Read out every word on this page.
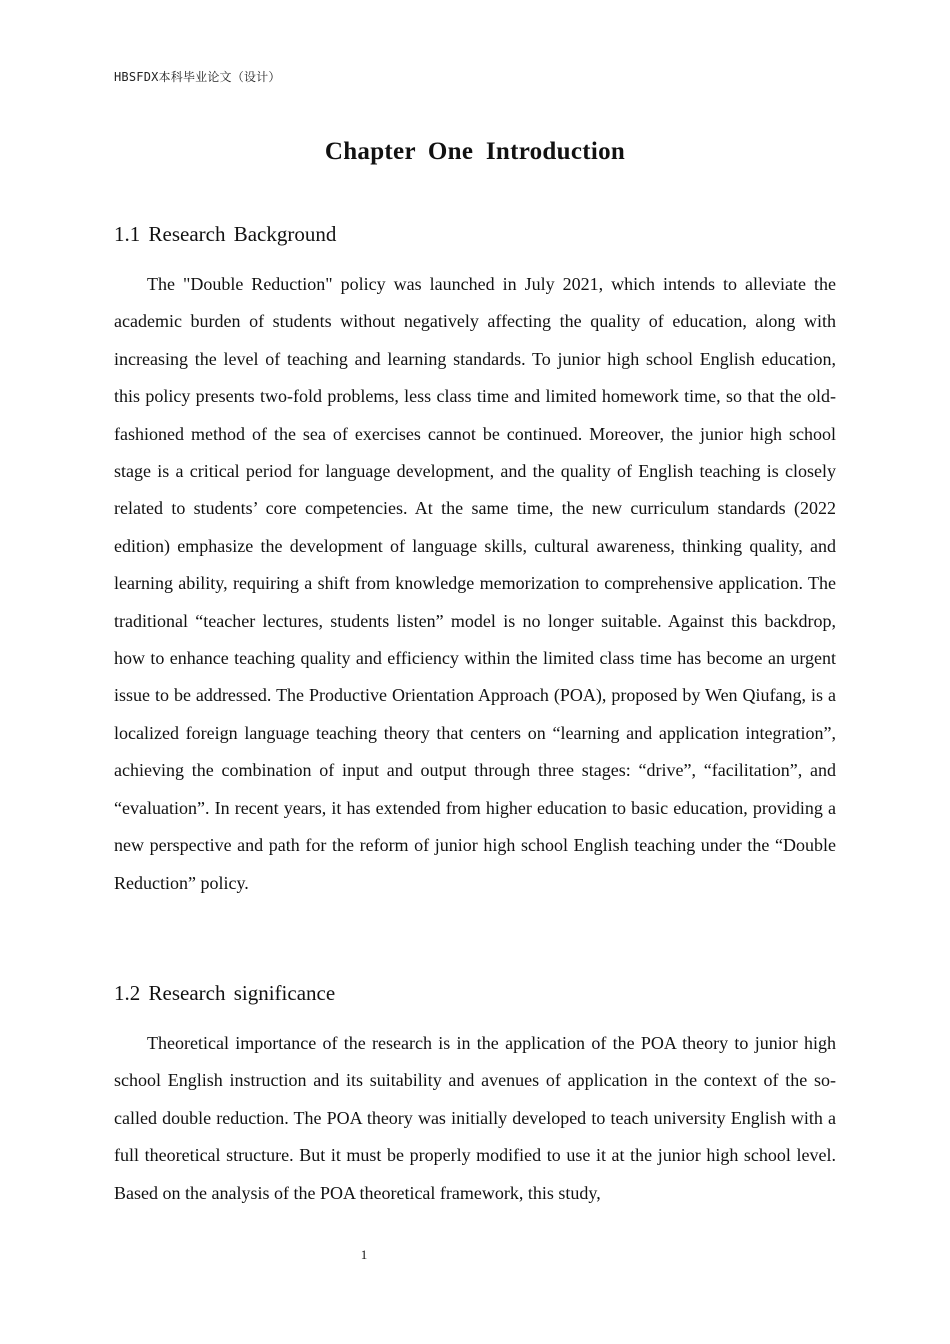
HBSFDX本科毕业论文（设计）
Chapter One Introduction
1.1 Research Background

The "Double Reduction" policy was launched in July 2021, which intends to alleviate the academic burden of students without negatively affecting the quality of education, along with increasing the level of teaching and learning standards. To junior high school English education, this policy presents two-fold problems, less class time and limited homework time, so that the old-fashioned method of the sea of exercises cannot be continued. Moreover, the junior high school stage is a critical period for language development, and the quality of English teaching is closely related to students’ core competencies. At the same time, the new curriculum standards (2022 edition) emphasize the development of language skills, cultural awareness, thinking quality, and learning ability, requiring a shift from knowledge memorization to comprehensive application. The traditional “teacher lectures, students listen” model is no longer suitable. Against this backdrop, how to enhance teaching quality and efficiency within the limited class time has become an urgent issue to be addressed. The Productive Orientation Approach (POA), proposed by Wen Qiufang, is a localized foreign language teaching theory that centers on “learning and application integration”, achieving the combination of input and output through three stages: “drive”, “facilitation”, and “evaluation”. In recent years, it has extended from higher education to basic education, providing a new perspective and path for the reform of junior high school English teaching under the “Double Reduction” policy.

1.2 Research significance

Theoretical importance of the research is in the application of the POA theory to junior high school English instruction and its suitability and avenues of application in the context of the so-called double reduction. The POA theory was initially developed to teach university English with a full theoretical structure. But it must be properly modified to use it at the junior high school level. Based on the analysis of the POA theoretical framework, this study,

1
